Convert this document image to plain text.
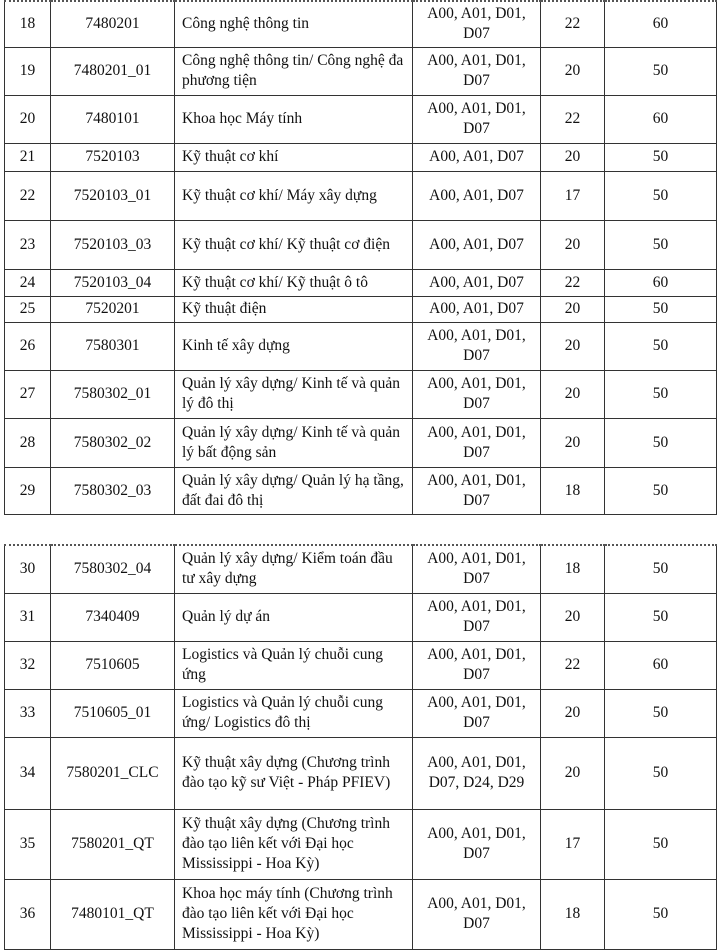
18	7480201	Công nghệ thông tin	A00, A01, D01, D07	22	60
19	7480201_01	Công nghệ thông tin/ Công nghệ đa phương tiện	A00, A01, D01, D07	20	50
20	7480101	Khoa học Máy tính	A00, A01, D01, D07	22	60
21	7520103	Kỹ thuật cơ khí	A00, A01, D07	20	50
22	7520103_01	Kỹ thuật cơ khí/ Máy xây dựng	A00, A01, D07	17	50
23	7520103_03	Kỹ thuật cơ khí/ Kỹ thuật cơ điện	A00, A01, D07	20	50
24	7520103_04	Kỹ thuật cơ khí/ Kỹ thuật ô tô	A00, A01, D07	22	60
25	7520201	Kỹ thuật điện	A00, A01, D07	20	50
26	7580301	Kinh tế xây dựng	A00, A01, D01, D07	20	50
27	7580302_01	Quản lý xây dựng/ Kinh tế và quản lý đô thị	A00, A01, D01, D07	20	50
28	7580302_02	Quản lý xây dựng/ Kinh tế và quản lý bất động sản	A00, A01, D01, D07	20	50
29	7580302_03	Quản lý xây dựng/ Quản lý hạ tầng, đất đai đô thị	A00, A01, D01, D07	18	50
30	7580302_04	Quản lý xây dựng/ Kiểm toán đầu tư xây dựng	A00, A01, D01, D07	18	50
31	7340409	Quản lý dự án	A00, A01, D01, D07	20	50
32	7510605	Logistics và Quản lý chuỗi cung ứng	A00, A01, D01, D07	22	60
33	7510605_01	Logistics và Quản lý chuỗi cung ứng/ Logistics đô thị	A00, A01, D01, D07	20	50
34	7580201_CLC	Kỹ thuật xây dựng (Chương trình đào tạo kỹ sư Việt - Pháp PFIEV)	A00, A01, D01, D07, D24, D29	20	50
35	7580201_QT	Kỹ thuật xây dựng (Chương trình đào tạo liên kết với Đại học Mississippi - Hoa Kỳ)	A00, A01, D01, D07	17	50
36	7480101_QT	Khoa học máy tính (Chương trình đào tạo liên kết với Đại học Mississippi - Hoa Kỳ)	A00, A01, D01, D07	18	50
